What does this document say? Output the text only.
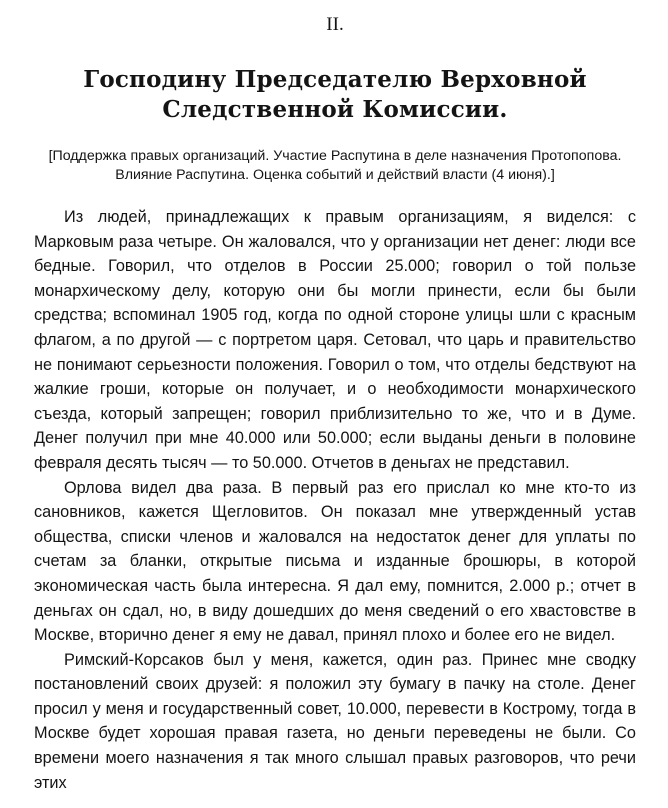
II.
Господину Председателю Верховной
Следственной Комиссии.
[Поддержка правых организаций. Участие Распутина в деле назначения Протопопова. Влияние Распутина. Оценка событий и действий власти (4 июня).]

Из людей, принадлежащих к правым организациям, я виделся: с Марковым раза четыре. Он жаловался, что у организации нет денег: люди все бедные. Говорил, что отделов в России 25.000; говорил о той пользе монархическому делу, которую они бы могли принести, если бы были средства; вспоминал 1905 год, когда по одной стороне улицы шли с красным флагом, а по другой — с портретом царя. Сетовал, что царь и правительство не понимают серьезности положения. Говорил о том, что отделы бедствуют на жалкие гроши, которые он получает, и о необходимости монархического съезда, который запрещен; говорил приблизительно то же, что и в Думе. Денег получил при мне 40.000 или 50.000; если выданы деньги в половине февраля десять тысяч — то 50.000. Отчетов в деньгах не представил.

Орлова видел два раза. В первый раз его прислал ко мне кто-то из сановников, кажется Щегловитов. Он показал мне утвержденный устав общества, списки членов и жаловался на недостаток денег для уплаты по счетам за бланки, открытые письма и изданные брошюры, в которой экономическая часть была интересна. Я дал ему, помнится, 2.000 р.; отчет в деньгах он сдал, но, в виду дошедших до меня сведений о его хвастовстве в Москве, вторично денег я ему не давал, принял плохо и более его не видел.

Римский-Корсаков был у меня, кажется, один раз. Принес мне сводку постановлений своих друзей: я положил эту бумагу в пачку на столе. Денег просил у меня и государственный совет, 10.000, перевести в Кострому, тогда в Москве будет хорошая правая газета, но деньги переведены не были. Со времени моего назначения я так много слышал правых разговоров, что речи этих
